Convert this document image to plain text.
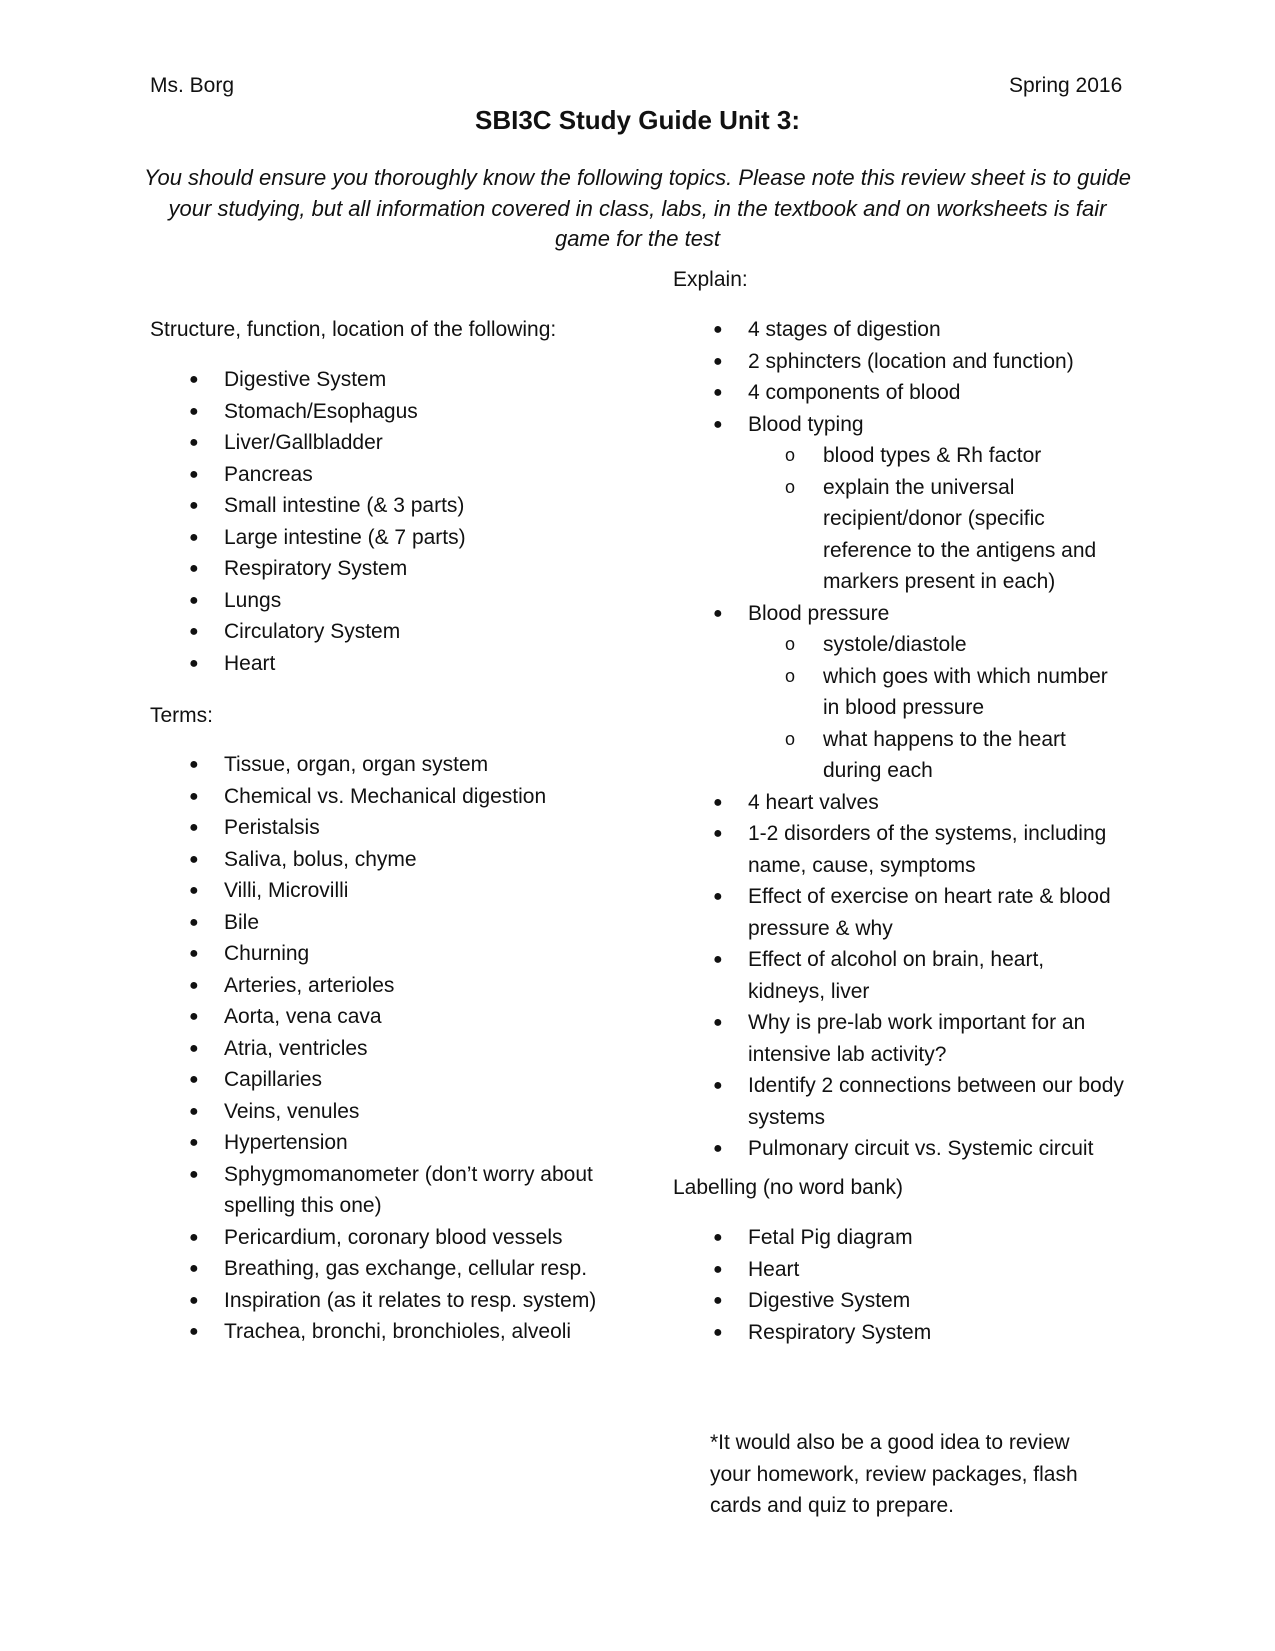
Ms. Borg	Spring 2016
SBI3C Study Guide Unit 3:
You should ensure you thoroughly know the following topics. Please note this review sheet is to guide your studying, but all information covered in class, labs, in the textbook and on worksheets is fair game for the test
Structure, function, location of the following:
● Digestive System
● Stomach/Esophagus
● Liver/Gallbladder
● Pancreas
● Small intestine (& 3 parts)
● Large intestine (& 7 parts)
● Respiratory System
● Lungs
● Circulatory System
● Heart
Terms:
● Tissue, organ, organ system
● Chemical vs. Mechanical digestion
● Peristalsis
● Saliva, bolus, chyme
● Villi, Microvilli
● Bile
● Churning
● Arteries, arterioles
● Aorta, vena cava
● Atria, ventricles
● Capillaries
● Veins, venules
● Hypertension
● Sphygmomanometer (don’t worry about spelling this one)
● Pericardium, coronary blood vessels
● Breathing, gas exchange, cellular resp.
● Inspiration (as it relates to resp. system)
● Trachea, bronchi, bronchioles, alveoli
Explain:
● 4 stages of digestion
● 2 sphincters (location and function)
● 4 components of blood
● Blood typing
o blood types & Rh factor
o explain the universal recipient/donor (specific reference to the antigens and markers present in each)
● Blood pressure
o systole/diastole
o which goes with which number in blood pressure
o what happens to the heart during each
● 4 heart valves
● 1-2 disorders of the systems, including name, cause, symptoms
● Effect of exercise on heart rate & blood pressure & why
● Effect of alcohol on brain, heart, kidneys, liver
● Why is pre-lab work important for an intensive lab activity?
● Identify 2 connections between our body systems
● Pulmonary circuit vs. Systemic circuit
Labelling (no word bank)
● Fetal Pig diagram
● Heart
● Digestive System
● Respiratory System
*It would also be a good idea to review your homework, review packages, flash cards and quiz to prepare.
